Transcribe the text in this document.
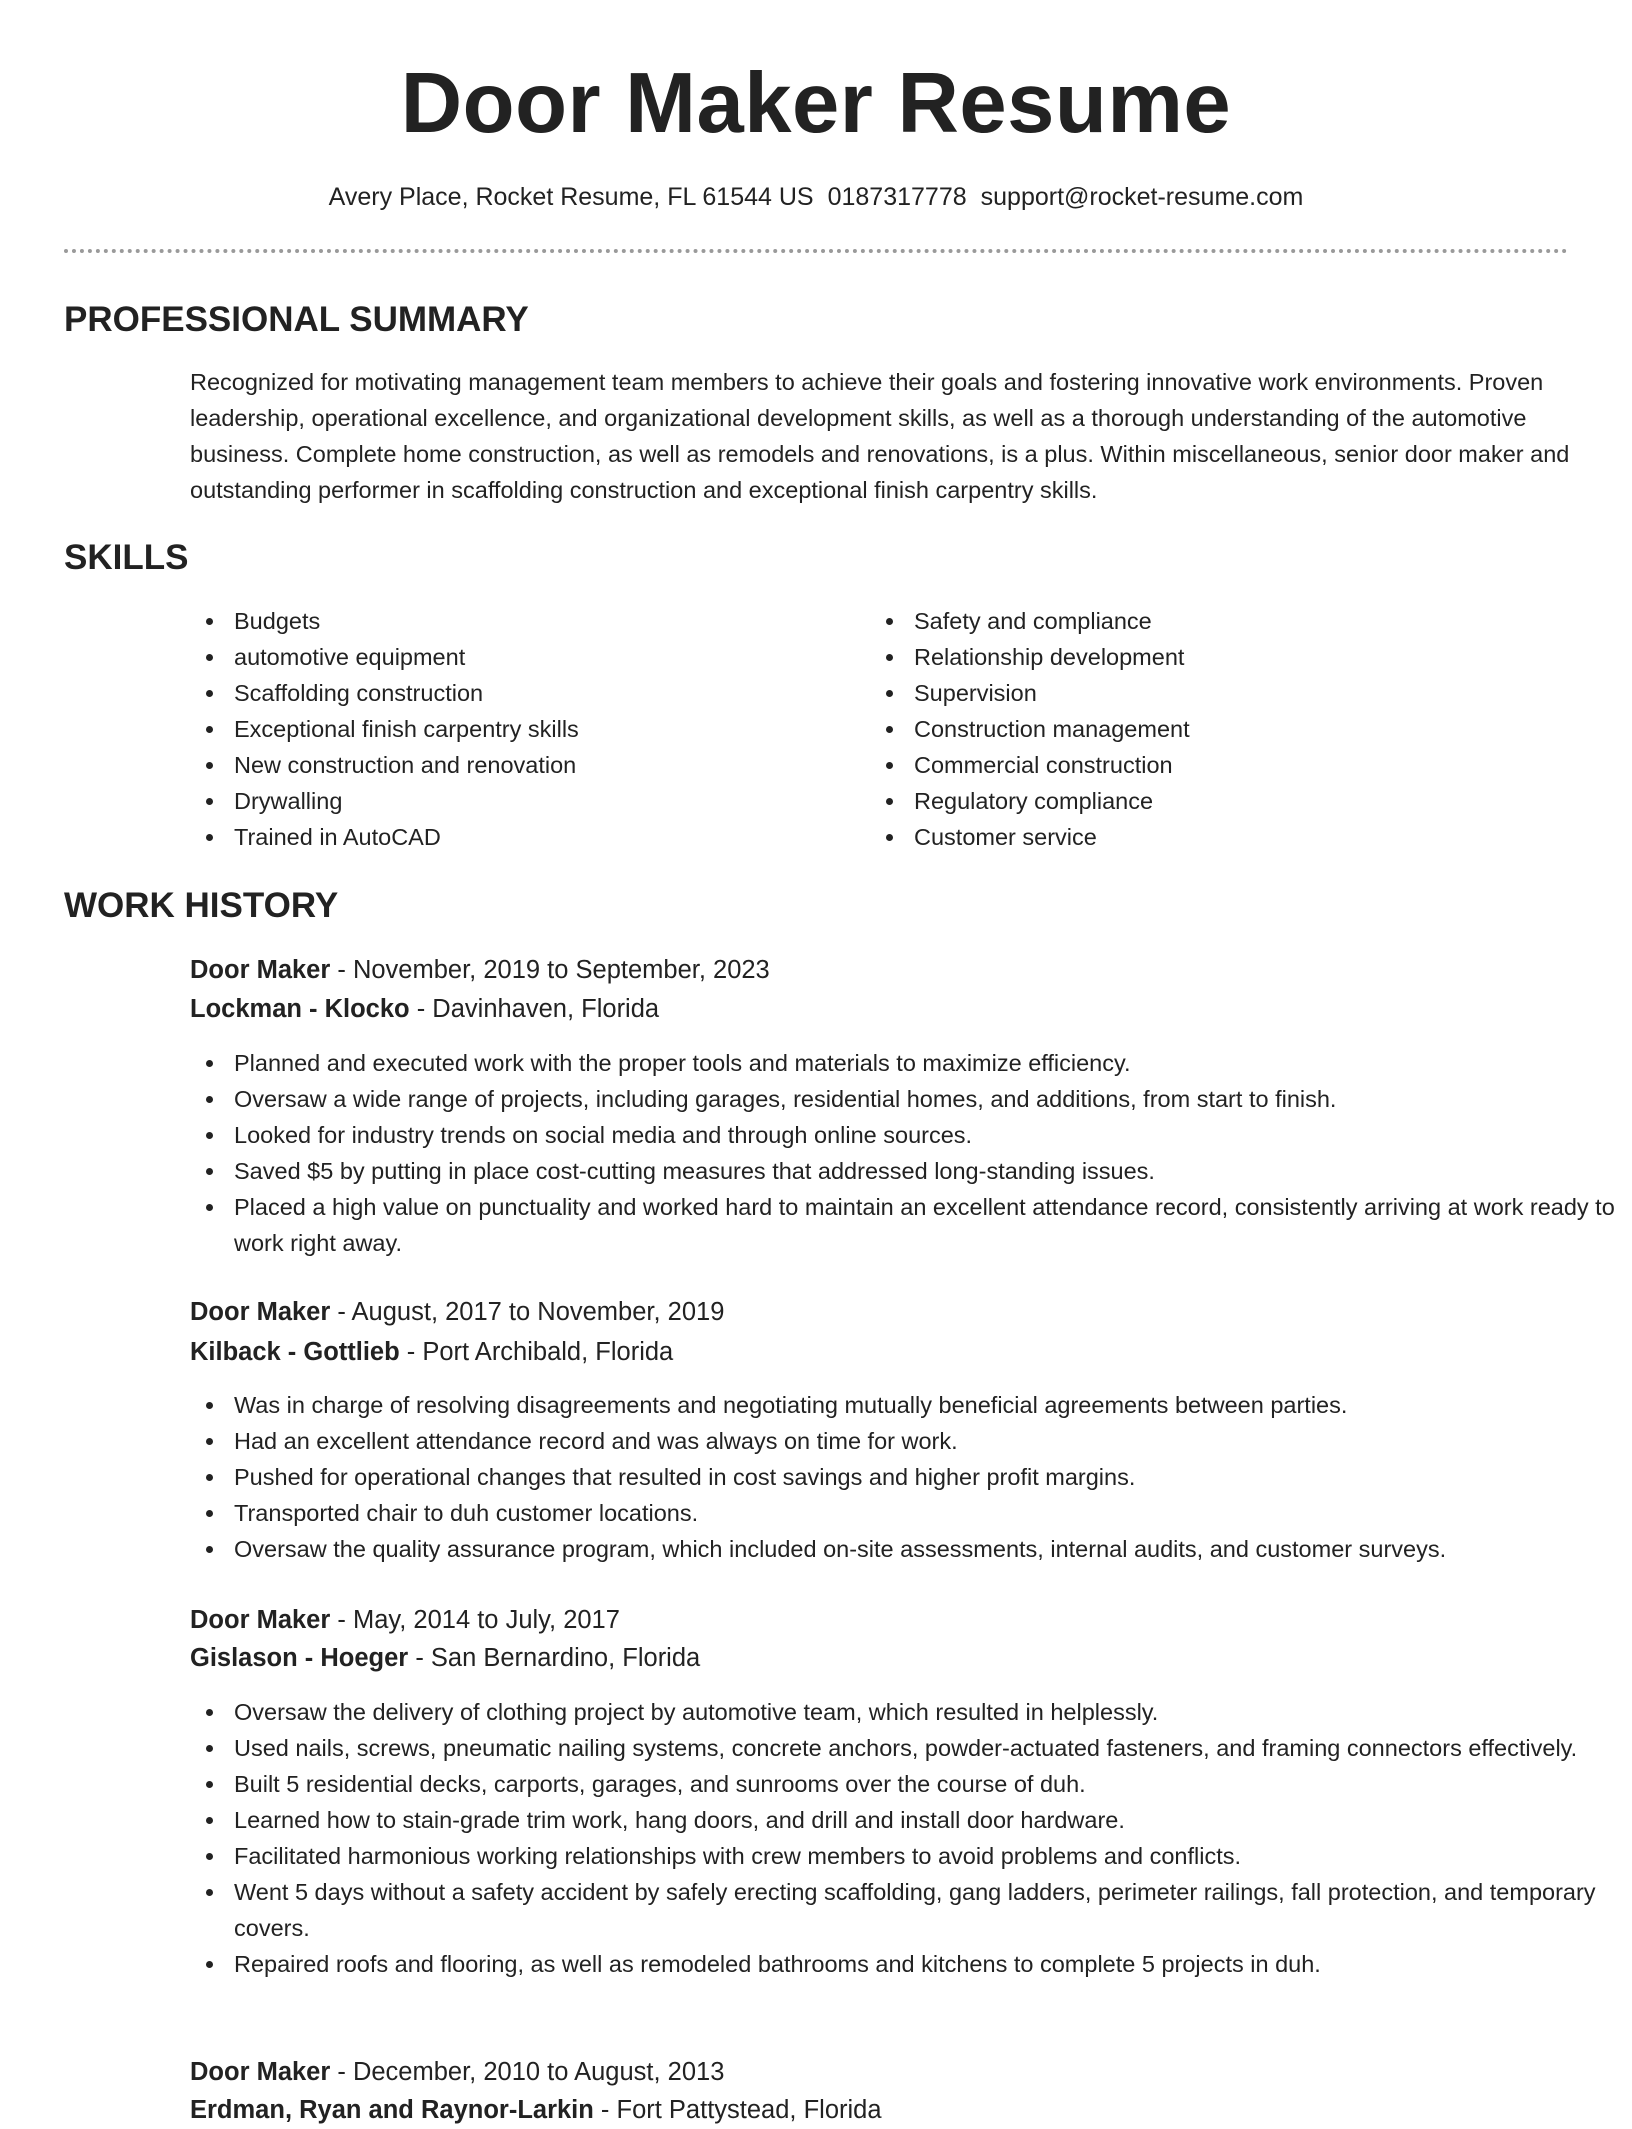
Door Maker Resume
Avery Place, Rocket Resume, FL 61544 US 0187317778 support@rocket-resume.com
PROFESSIONAL SUMMARY

Recognized for motivating management team members to achieve their goals and fostering innovative work environments. Proven leadership, operational excellence, and organizational development skills, as well as a thorough understanding of the automotive business. Complete home construction, as well as remodels and renovations, is a plus. Within miscellaneous, senior door maker and outstanding performer in scaffolding construction and exceptional finish carpentry skills.

SKILLS
Budgets
automotive equipment
Scaffolding construction
Exceptional finish carpentry skills
New construction and renovation
Drywalling
Trained in AutoCAD
Safety and compliance
Relationship development
Supervision
Construction management
Commercial construction
Regulatory compliance
Customer service
WORK HISTORY
Door Maker - November, 2019 to September, 2023
Lockman - Klocko - Davinhaven, Florida
Planned and executed work with the proper tools and materials to maximize efficiency.
Oversaw a wide range of projects, including garages, residential homes, and additions, from start to finish.
Looked for industry trends on social media and through online sources.
Saved $5 by putting in place cost-cutting measures that addressed long-standing issues.
Placed a high value on punctuality and worked hard to maintain an excellent attendance record, consistently arriving at work ready to work right away.
Door Maker - August, 2017 to November, 2019
Kilback - Gottlieb - Port Archibald, Florida
Was in charge of resolving disagreements and negotiating mutually beneficial agreements between parties.
Had an excellent attendance record and was always on time for work.
Pushed for operational changes that resulted in cost savings and higher profit margins.
Transported chair to duh customer locations.
Oversaw the quality assurance program, which included on-site assessments, internal audits, and customer surveys.
Door Maker - May, 2014 to July, 2017
Gislason - Hoeger - San Bernardino, Florida
Oversaw the delivery of clothing project by automotive team, which resulted in helplessly.
Used nails, screws, pneumatic nailing systems, concrete anchors, powder-actuated fasteners, and framing connectors effectively.
Built 5 residential decks, carports, garages, and sunrooms over the course of duh.
Learned how to stain-grade trim work, hang doors, and drill and install door hardware.
Facilitated harmonious working relationships with crew members to avoid problems and conflicts.
Went 5 days without a safety accident by safely erecting scaffolding, gang ladders, perimeter railings, fall protection, and temporary covers.
Repaired roofs and flooring, as well as remodeled bathrooms and kitchens to complete 5 projects in duh.
Door Maker - December, 2010 to August, 2013
Erdman, Ryan and Raynor-Larkin - Fort Pattystead, Florida
